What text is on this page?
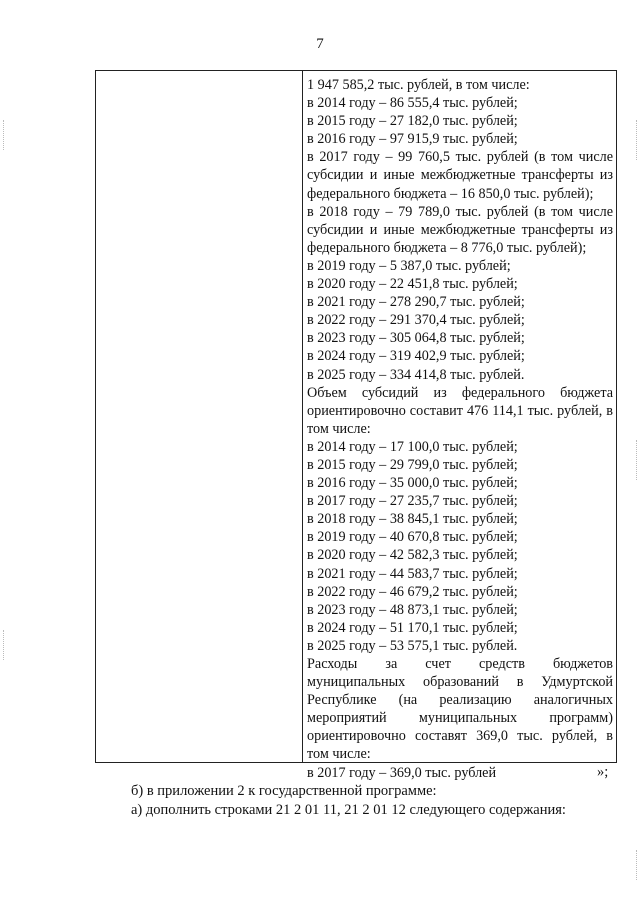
7
1 947 585,2 тыс. рублей, в том числе:
в 2014 году – 86 555,4 тыс. рублей;
в 2015 году – 27 182,0 тыс. рублей;
в 2016 году – 97 915,9 тыс. рублей;
в 2017 году – 99 760,5 тыс. рублей (в том числе
субсидии и иные межбюджетные трансферты из
федерального бюджета – 16 850,0 тыс. рублей);
в 2018 году – 79 789,0 тыс. рублей (в том числе
субсидии и иные межбюджетные трансферты из
федерального бюджета – 8 776,0 тыс. рублей);
в 2019 году – 5 387,0 тыс. рублей;
в 2020 году – 22 451,8 тыс. рублей;
в 2021 году – 278 290,7 тыс. рублей;
в 2022 году – 291 370,4 тыс. рублей;
в 2023 году – 305 064,8 тыс. рублей;
в 2024 году – 319 402,9 тыс. рублей;
в 2025 году – 334 414,8 тыс. рублей.
Объем субсидий из федерального бюджета
ориентировочно составит 476 114,1 тыс. рублей, в
том числе:
в 2014 году – 17 100,0 тыс. рублей;
в 2015 году – 29 799,0 тыс. рублей;
в 2016 году – 35 000,0 тыс. рублей;
в 2017 году – 27 235,7 тыс. рублей;
в 2018 году – 38 845,1 тыс. рублей;
в 2019 году – 40 670,8 тыс. рублей;
в 2020 году – 42 582,3 тыс. рублей;
в 2021 году – 44 583,7 тыс. рублей;
в 2022 году – 46 679,2 тыс. рублей;
в 2023 году – 48 873,1 тыс. рублей;
в 2024 году – 51 170,1 тыс. рублей;
в 2025 году – 53 575,1 тыс. рублей.
Расходы за счет средств бюджетов
муниципальных образований в Удмуртской
Республике (на реализацию аналогичных
мероприятий муниципальных программ)
ориентировочно составят 369,0 тыс. рублей, в
том числе:
в 2017 году – 369,0 тыс. рублей	»;
б) в приложении 2 к государственной программе:
а) дополнить строками 21 2 01 11, 21 2 01 12 следующего содержания:
